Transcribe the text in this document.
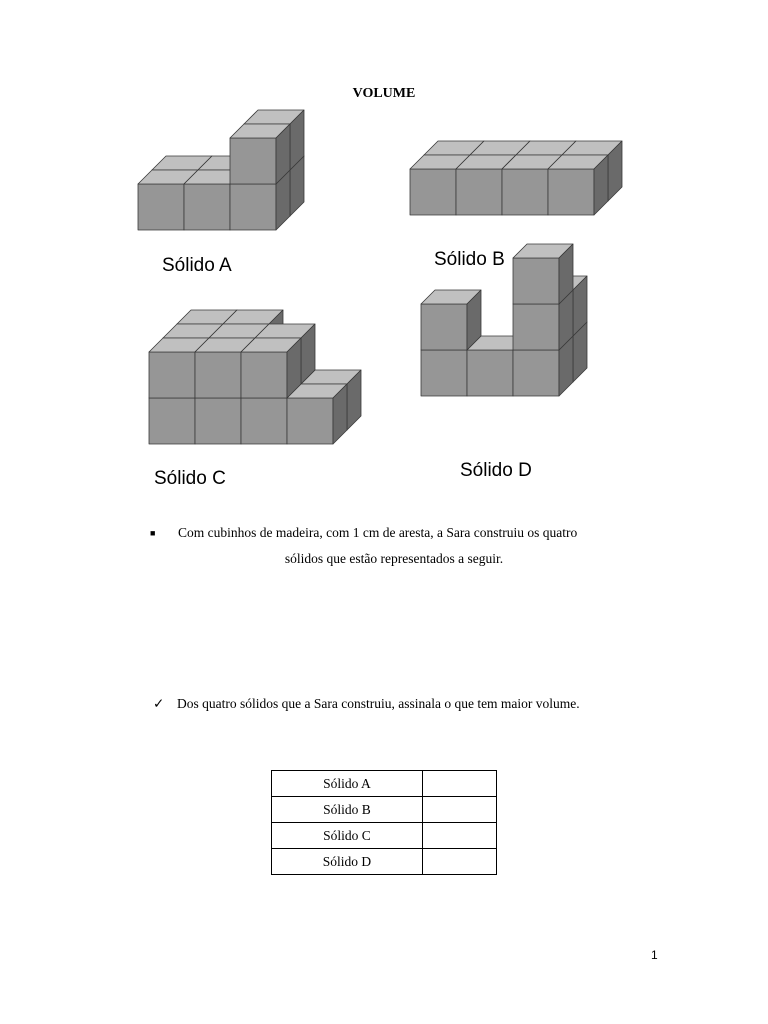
VOLUME
Sólido A	Sólido B
Sólido C	Sólido D
■	Com cubinhos de madeira, com 1 cm de aresta, a Sara construiu os quatro
sólidos que estão representados a seguir.
✓ Dos quatro sólidos que a Sara construiu, assinala o que tem maior volume.
Sólido A	
Sólido B	
Sólido C	
Sólido D	
1
